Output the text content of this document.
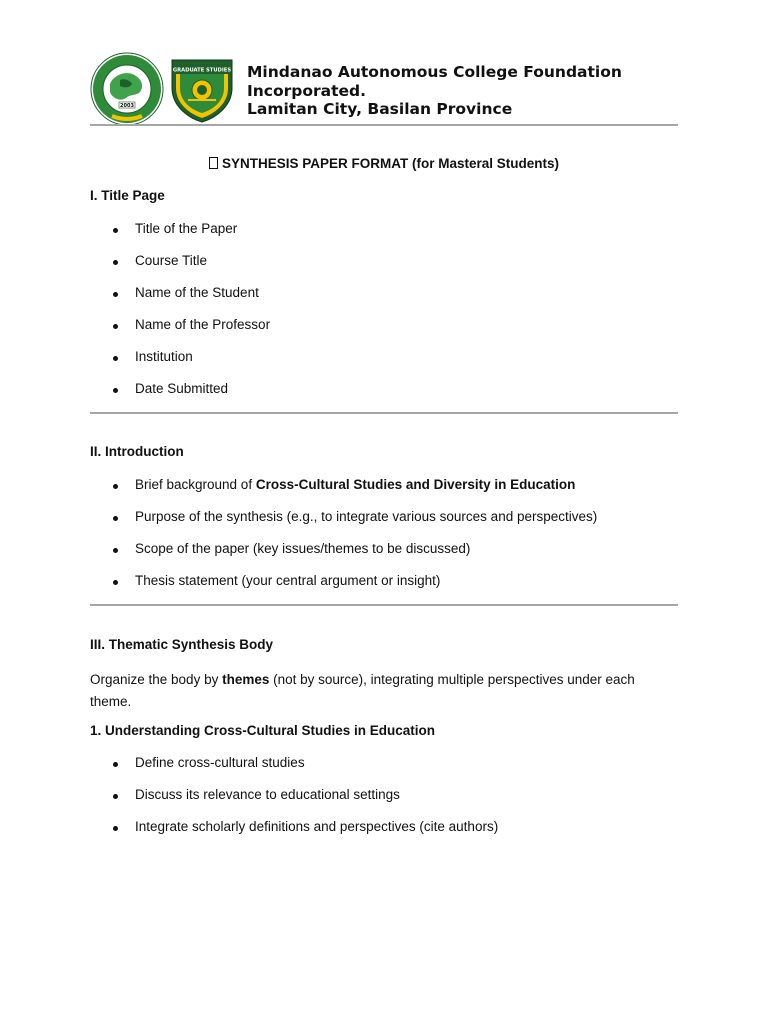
2003
GRADUATE STUDIES Mindanao Autonomous College Foundation
Incorporated.
Lamitan City, Basilan Province
SYNTHESIS PAPER FORMAT (for Masteral Students)
I. Title Page
Title of the Paper
Course Title
Name of the Student
Name of the Professor
Institution
Date Submitted
II. Introduction
Brief background of Cross-Cultural Studies and Diversity in Education
Purpose of the synthesis (e.g., to integrate various sources and perspectives)
Scope of the paper (key issues/themes to be discussed)
Thesis statement (your central argument or insight)
III. Thematic Synthesis Body
Organize the body by themes (not by source), integrating multiple perspectives under each theme.
1. Understanding Cross-Cultural Studies in Education
Define cross-cultural studies
Discuss its relevance to educational settings
Integrate scholarly definitions and perspectives (cite authors)
